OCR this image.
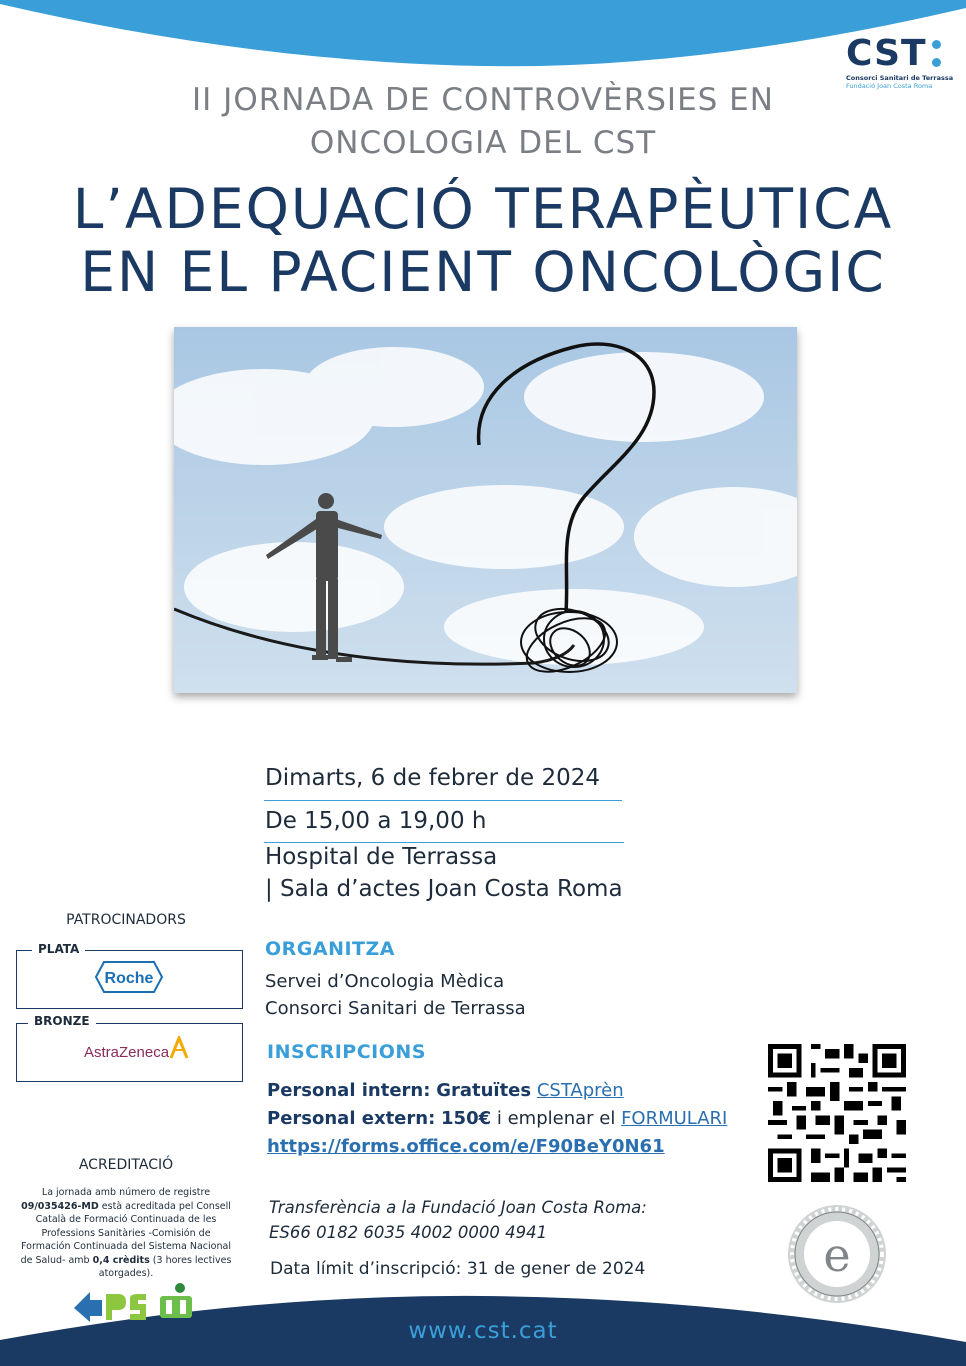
CST
Consorci Sanitari de Terrassa
Fundació Joan Costa Roma
II JORNADA DE CONTROVÈRSIES EN
ONCOLOGIA DEL CST
L’ADEQUACIÓ TERAPÈUTICA
EN EL PACIENT ONCOLÒGIC
Dimarts, 6 de febrer de 2024
De 15,00 a 19,00 h
Hospital de Terrassa
| Sala d’actes Joan Costa Roma
ORGANITZA
Servei d’Oncologia Mèdica
Consorci Sanitari de Terrassa
INSCRIPCIONS
Personal intern: Gratuïtes CSTAprèn
Personal extern: 150€ i emplenar el FORMULARI
https://forms.office.com/e/F90BeY0N61
Transferència a la Fundació Joan Costa Roma:
ES66 0182 6035 4002 0000 4941
Data límit d’inscripció: 31 de gener de 2024	e
PATROCINADORS
PLATA
Roche
BRONZE
AstraZeneca
ACREDITACIÓ
La jornada amb número de registre 09/035426-MD està acreditada pel Consell Català de Formació Continuada de les Professions Sanitàries -Comisión de Formación Continuada del Sistema Nacional de Salud- amb 0,4 crèdits (3 hores lectives atorgades).
www.cst.cat
